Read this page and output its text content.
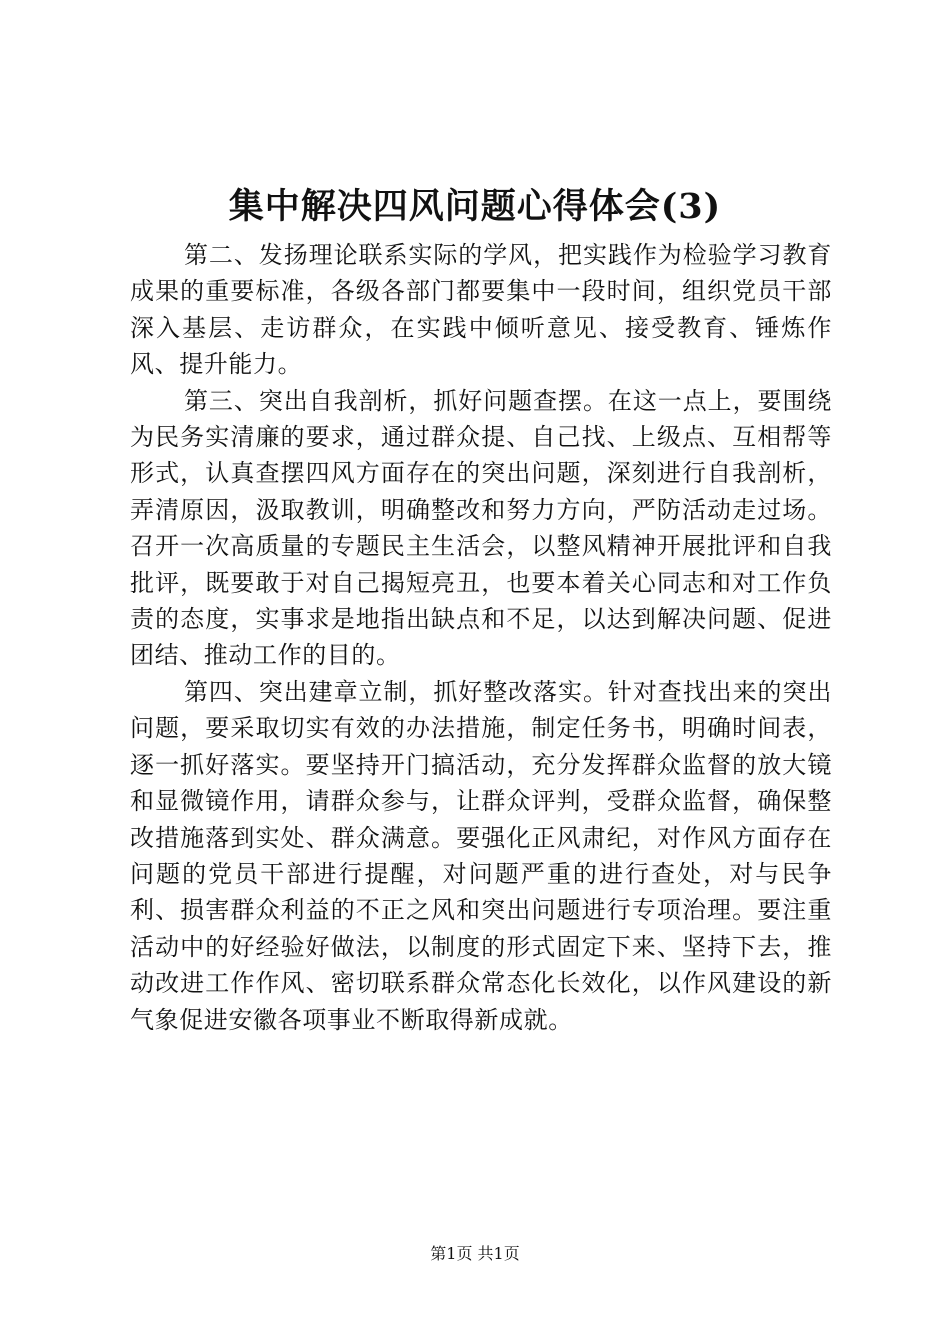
集中解决四风问题心得体会(3)

第二、发扬理论联系实际的学风，把实践作为检验学习教育成果的重要标准，各级各部门都要集中一段时间，组织党员干部深入基层、走访群众，在实践中倾听意见、接受教育、锤炼作风、提升能力。

第三、突出自我剖析，抓好问题查摆。在这一点上，要围绕为民务实清廉的要求，通过群众提、自己找、上级点、互相帮等形式，认真查摆四风方面存在的突出问题，深刻进行自我剖析，弄清原因，汲取教训，明确整改和努力方向，严防活动走过场。召开一次高质量的专题民主生活会，以整风精神开展批评和自我批评，既要敢于对自己揭短亮丑，也要本着关心同志和对工作负责的态度，实事求是地指出缺点和不足，以达到解决问题、促进团结、推动工作的目的。

第四、突出建章立制，抓好整改落实。针对查找出来的突出问题，要采取切实有效的办法措施，制定任务书，明确时间表，逐一抓好落实。要坚持开门搞活动，充分发挥群众监督的放大镜和显微镜作用，请群众参与，让群众评判，受群众监督，确保整改措施落到实处、群众满意。要强化正风肃纪，对作风方面存在问题的党员干部进行提醒，对问题严重的进行查处，对与民争利、损害群众利益的不正之风和突出问题进行专项治理。要注重活动中的好经验好做法，以制度的形式固定下来、坚持下去，推动改进工作作风、密切联系群众常态化长效化，以作风建设的新气象促进安徽各项事业不断取得新成就。

第1页 共1页
